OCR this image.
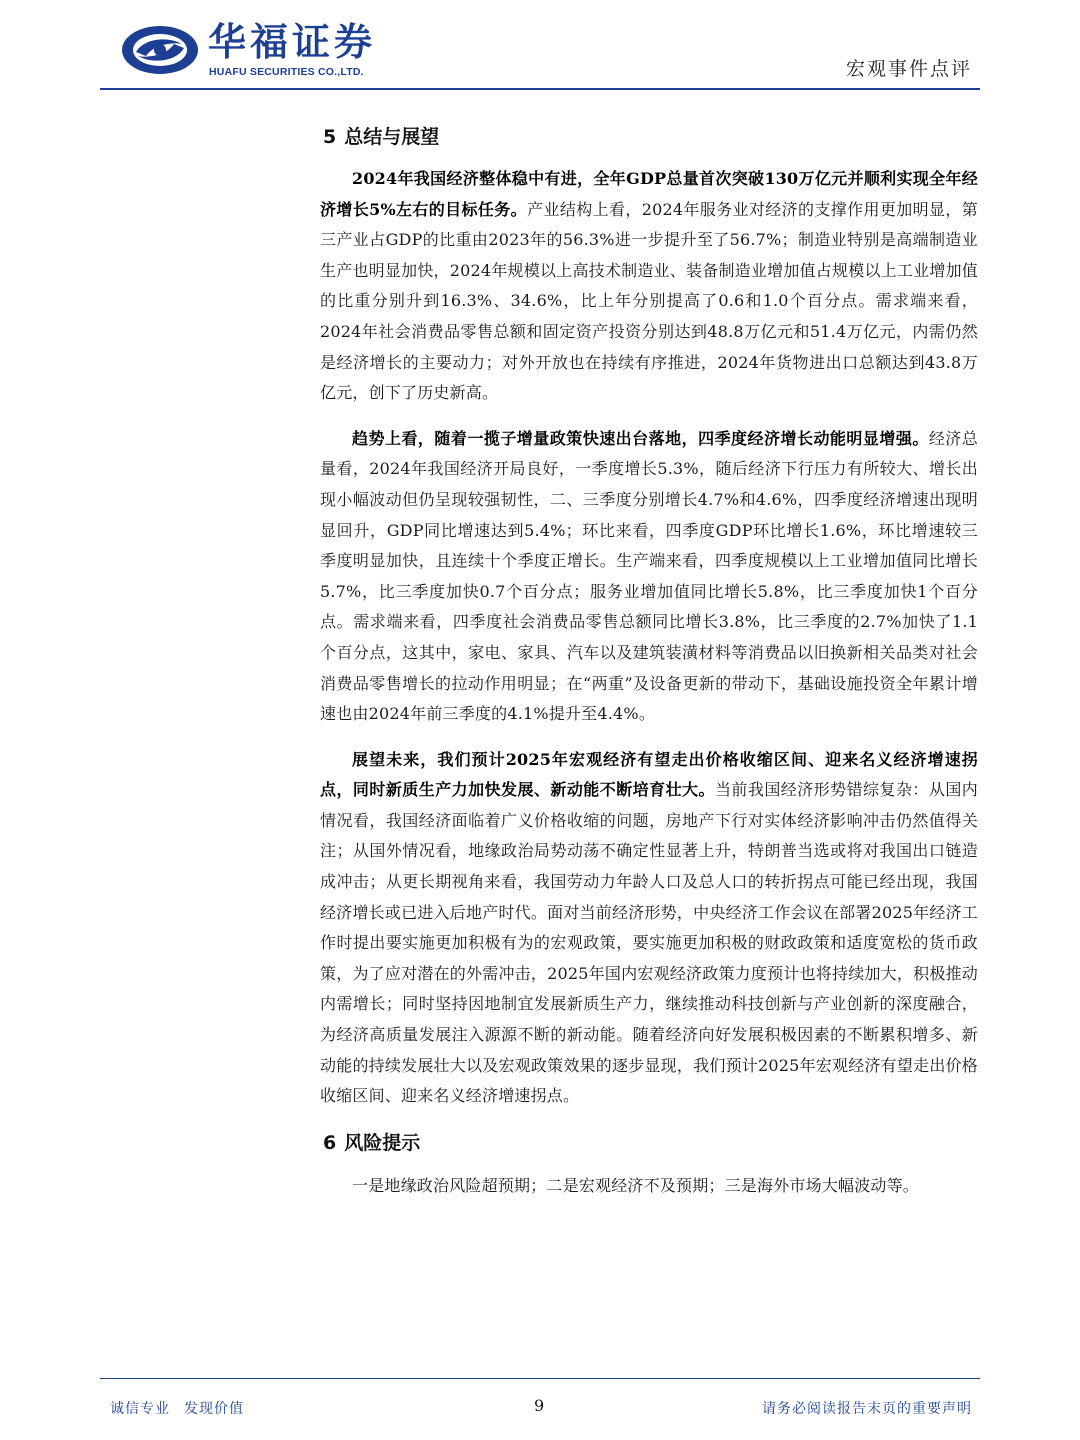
华福证券
HUAFU SECURITIES CO.,LTD.	宏观事件点评
5 总结与展望

2024年我国经济整体稳中有进，全年GDP总量首次突破130万亿元并顺利实现全年经济增长5%左右的目标任务。产业结构上看，2024年服务业对经济的支撑作用更加明显，第三产业占GDP的比重由2023年的56.3%进一步提升至了56.7%；制造业特别是高端制造业生产也明显加快，2024年规模以上高技术制造业、装备制造业增加值占规模以上工业增加值的比重分别升到16.3%、34.6%，比上年分别提高了0.6和1.0个百分点。需求端来看，2024年社会消费品零售总额和固定资产投资分别达到48.8万亿元和51.4万亿元，内需仍然是经济增长的主要动力；对外开放也在持续有序推进，2024年货物进出口总额达到43.8万亿元，创下了历史新高。

趋势上看，随着一揽子增量政策快速出台落地，四季度经济增长动能明显增强。经济总量看，2024年我国经济开局良好，一季度增长5.3%，随后经济下行压力有所较大、增长出现小幅波动但仍呈现较强韧性，二、三季度分别增长4.7%和4.6%，四季度经济增速出现明显回升，GDP同比增速达到5.4%；环比来看，四季度GDP环比增长1.6%，环比增速较三季度明显加快，且连续十个季度正增长。生产端来看，四季度规模以上工业增加值同比增长5.7%，比三季度加快0.7个百分点；服务业增加值同比增长5.8%，比三季度加快1个百分点。需求端来看，四季度社会消费品零售总额同比增长3.8%，比三季度的2.7%加快了1.1个百分点，这其中，家电、家具、汽车以及建筑装潢材料等消费品以旧换新相关品类对社会消费品零售增长的拉动作用明显；在“两重”及设备更新的带动下，基础设施投资全年累计增速也由2024年前三季度的4.1%提升至4.4%。

展望未来，我们预计2025年宏观经济有望走出价格收缩区间、迎来名义经济增速拐点，同时新质生产力加快发展、新动能不断培育壮大。当前我国经济形势错综复杂：从国内情况看，我国经济面临着广义价格收缩的问题，房地产下行对实体经济影响冲击仍然值得关注；从国外情况看，地缘政治局势动荡不确定性显著上升，特朗普当选或将对我国出口链造成冲击；从更长期视角来看，我国劳动力年龄人口及总人口的转折拐点可能已经出现，我国经济增长或已进入后地产时代。面对当前经济形势，中央经济工作会议在部署2025年经济工作时提出要实施更加积极有为的宏观政策，要实施更加积极的财政政策和适度宽松的货币政策，为了应对潜在的外需冲击，2025年国内宏观经济政策力度预计也将持续加大，积极推动内需增长；同时坚持因地制宜发展新质生产力，继续推动科技创新与产业创新的深度融合，为经济高质量发展注入源源不断的新动能。随着经济向好发展积极因素的不断累积增多、新动能的持续发展壮大以及宏观政策效果的逐步显现，我们预计2025年宏观经济有望走出价格收缩区间、迎来名义经济增速拐点。

6 风险提示

一是地缘政治风险超预期；二是宏观经济不及预期；三是海外市场大幅波动等。

诚信专业 发现价值	9	请务必阅读报告末页的重要声明
